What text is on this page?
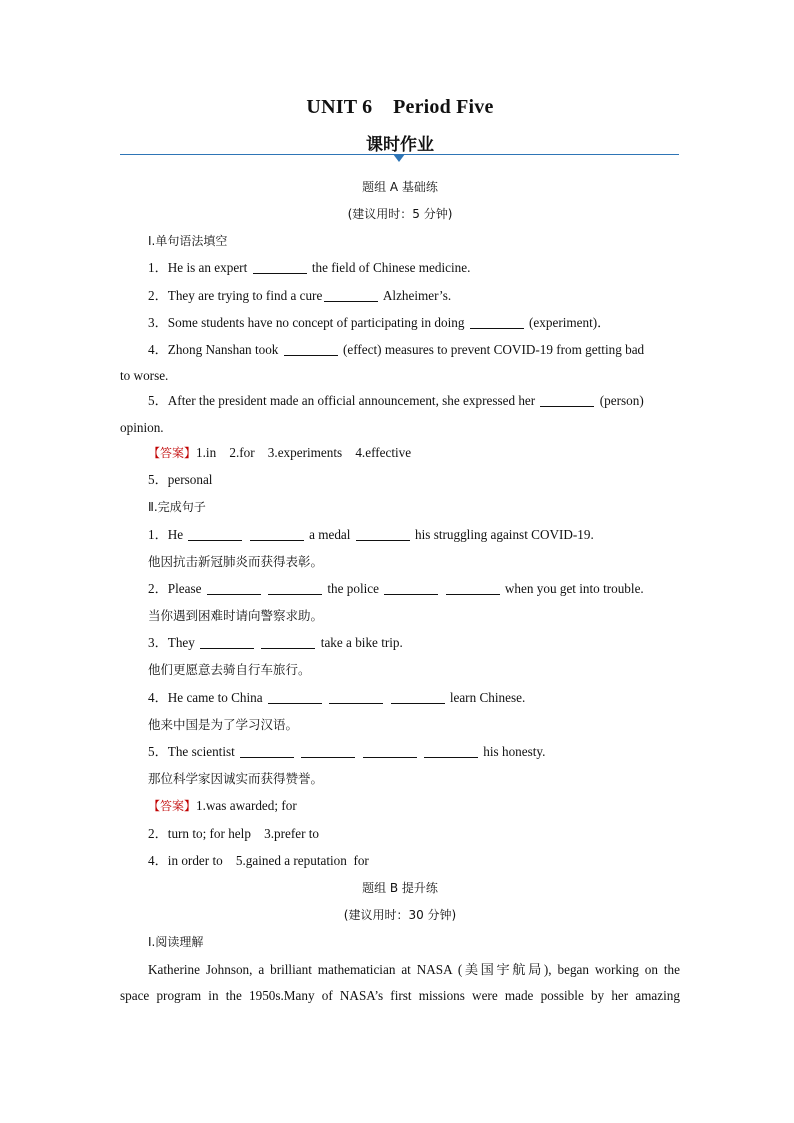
UNIT 6    Period Five
课时作业
题组 A 基础练
(建议用时：5 分钟)
Ⅰ.单句语法填空
1．He is an expert	the field of Chinese medicine.
2．They are trying to find a cure	Alzheimer’s.
3．Some students have no concept of participating in doing	(experiment)．
4．Zhong Nanshan took	(effect) measures to prevent COVID-19 from getting bad
to worse.
5．After the president made an official announcement, she expressed her	(person)
opinion.
【答案】1.in    2.for    3.experiments    4.effective
5．personal
Ⅱ.完成句子
1．He	a medal	his struggling against COVID-19.
他因抗击新冠肺炎而获得表彰。
2．Please	the police	when you get into trouble.
当你遇到困难时请向警察求助。
3．They	take a bike trip.
他们更愿意去骑自行车旅行。
4．He came to China	learn Chinese.
他来中国是为了学习汉语。
5．The scientist	his honesty.
那位科学家因诚实而获得赞誉。
【答案】1.was awarded; for
2．turn to; for help    3.prefer to
4．in order to    5.gained a reputation  for
题组 B 提升练
(建议用时：30 分钟)
Ⅰ.阅读理解
Katherine Johnson, a brilliant mathematician at NASA (美国宇航局), began working on the
space program in the 1950s.Many of NASA’s first missions were made possible by her amazing
